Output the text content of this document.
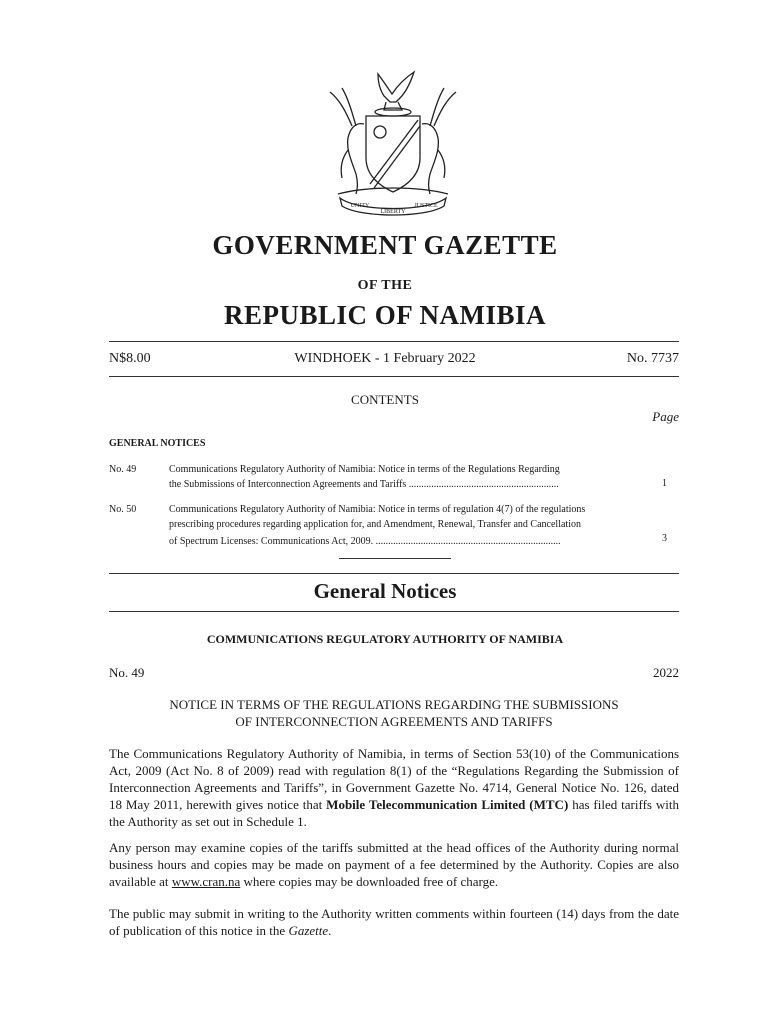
UNITY
LIBERTY
JUSTICE
GOVERNMENT GAZETTE
OF THE
REPUBLIC OF NAMIBIA
N$8.00	WINDHOEK - 1 February 2022	No. 7737
CONTENTS
Page
GENERAL NOTICES
No. 49	Communications Regulatory Authority of Namibia: Notice in terms of the Regulations Regarding
the Submissions of Interconnection Agreements and Tariffs ............................................................	1
No. 50	Communications Regulatory Authority of Namibia: Notice in terms of regulation 4(7) of the regulations
prescribing procedures regarding application for, and Amendment, Renewal, Transfer and Cancellation
of Spectrum Licenses: Communications Act, 2009. ..........................................................................	3
General Notices
COMMUNICATIONS REGULATORY AUTHORITY OF NAMIBIA
No. 49	2022
NOTICE IN TERMS OF THE REGULATIONS REGARDING THE SUBMISSIONS
OF INTERCONNECTION AGREEMENTS AND TARIFFS
The Communications Regulatory Authority of Namibia, in terms of Section 53(10) of the Communications Act, 2009 (Act No. 8 of 2009) read with regulation 8(1) of the “Regulations Regarding the Submission of Interconnection Agreements and Tariffs”, in Government Gazette No. 4714, General Notice No. 126, dated 18 May 2011, herewith gives notice that Mobile Telecommunication Limited (MTC) has filed tariffs with the Authority as set out in Schedule 1.
Any person may examine copies of the tariffs submitted at the head offices of the Authority during normal business hours and copies may be made on payment of a fee determined by the Authority. Copies are also available at www.cran.na where copies may be downloaded free of charge.
The public may submit in writing to the Authority written comments within fourteen (14) days from the date of publication of this notice in the Gazette.
